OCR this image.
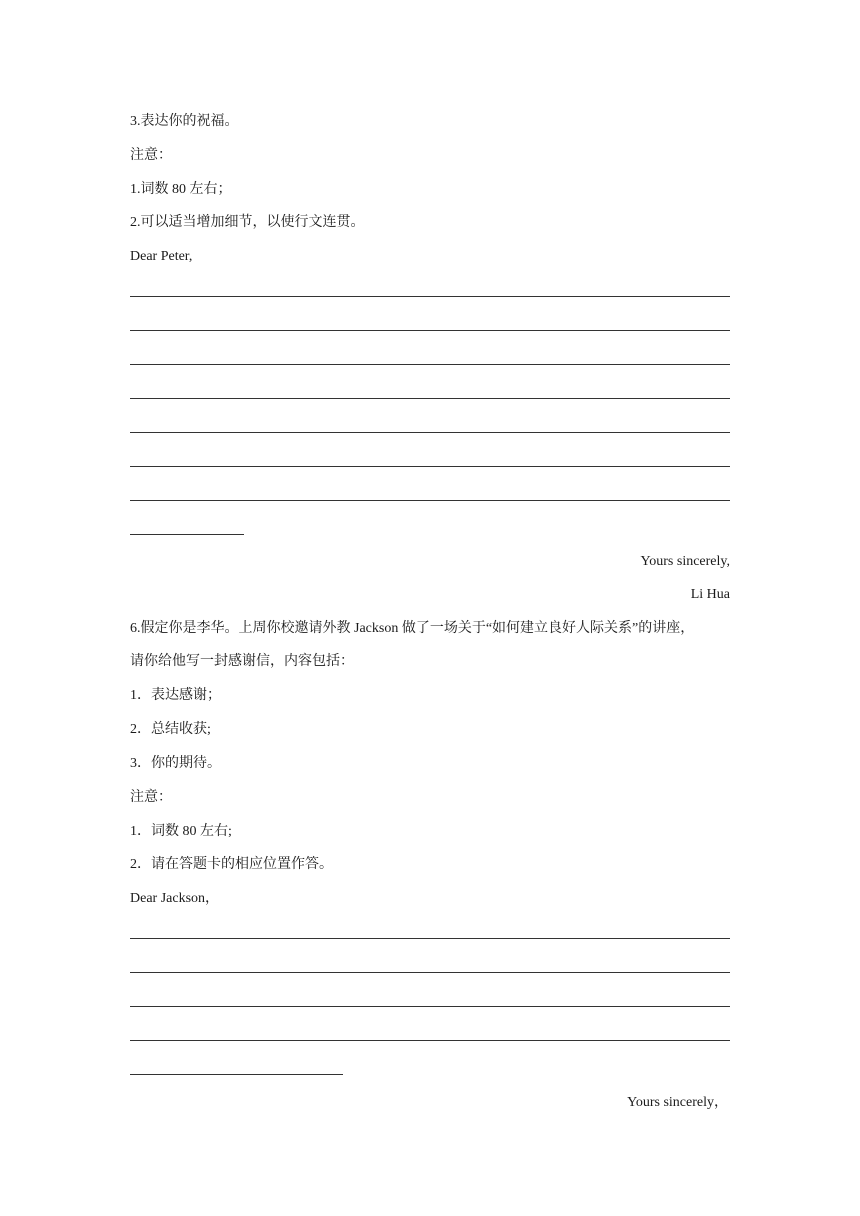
3.表达你的祝福。
注意：
1.词数 80 左右；
2.可以适当增加细节，以使行文连贯。
Dear Peter,
Yours sincerely,
Li Hua
6.假定你是李华。上周你校邀请外教 Jackson 做了一场关于“如何建立良好人际关系”的讲座，
请你给他写一封感谢信，内容包括：
1．表达感谢；
2．总结收获;
3．你的期待。
注意：
1．词数 80 左右;
2．请在答题卡的相应位置作答。
Dear Jackson，
Yours sincerely，
